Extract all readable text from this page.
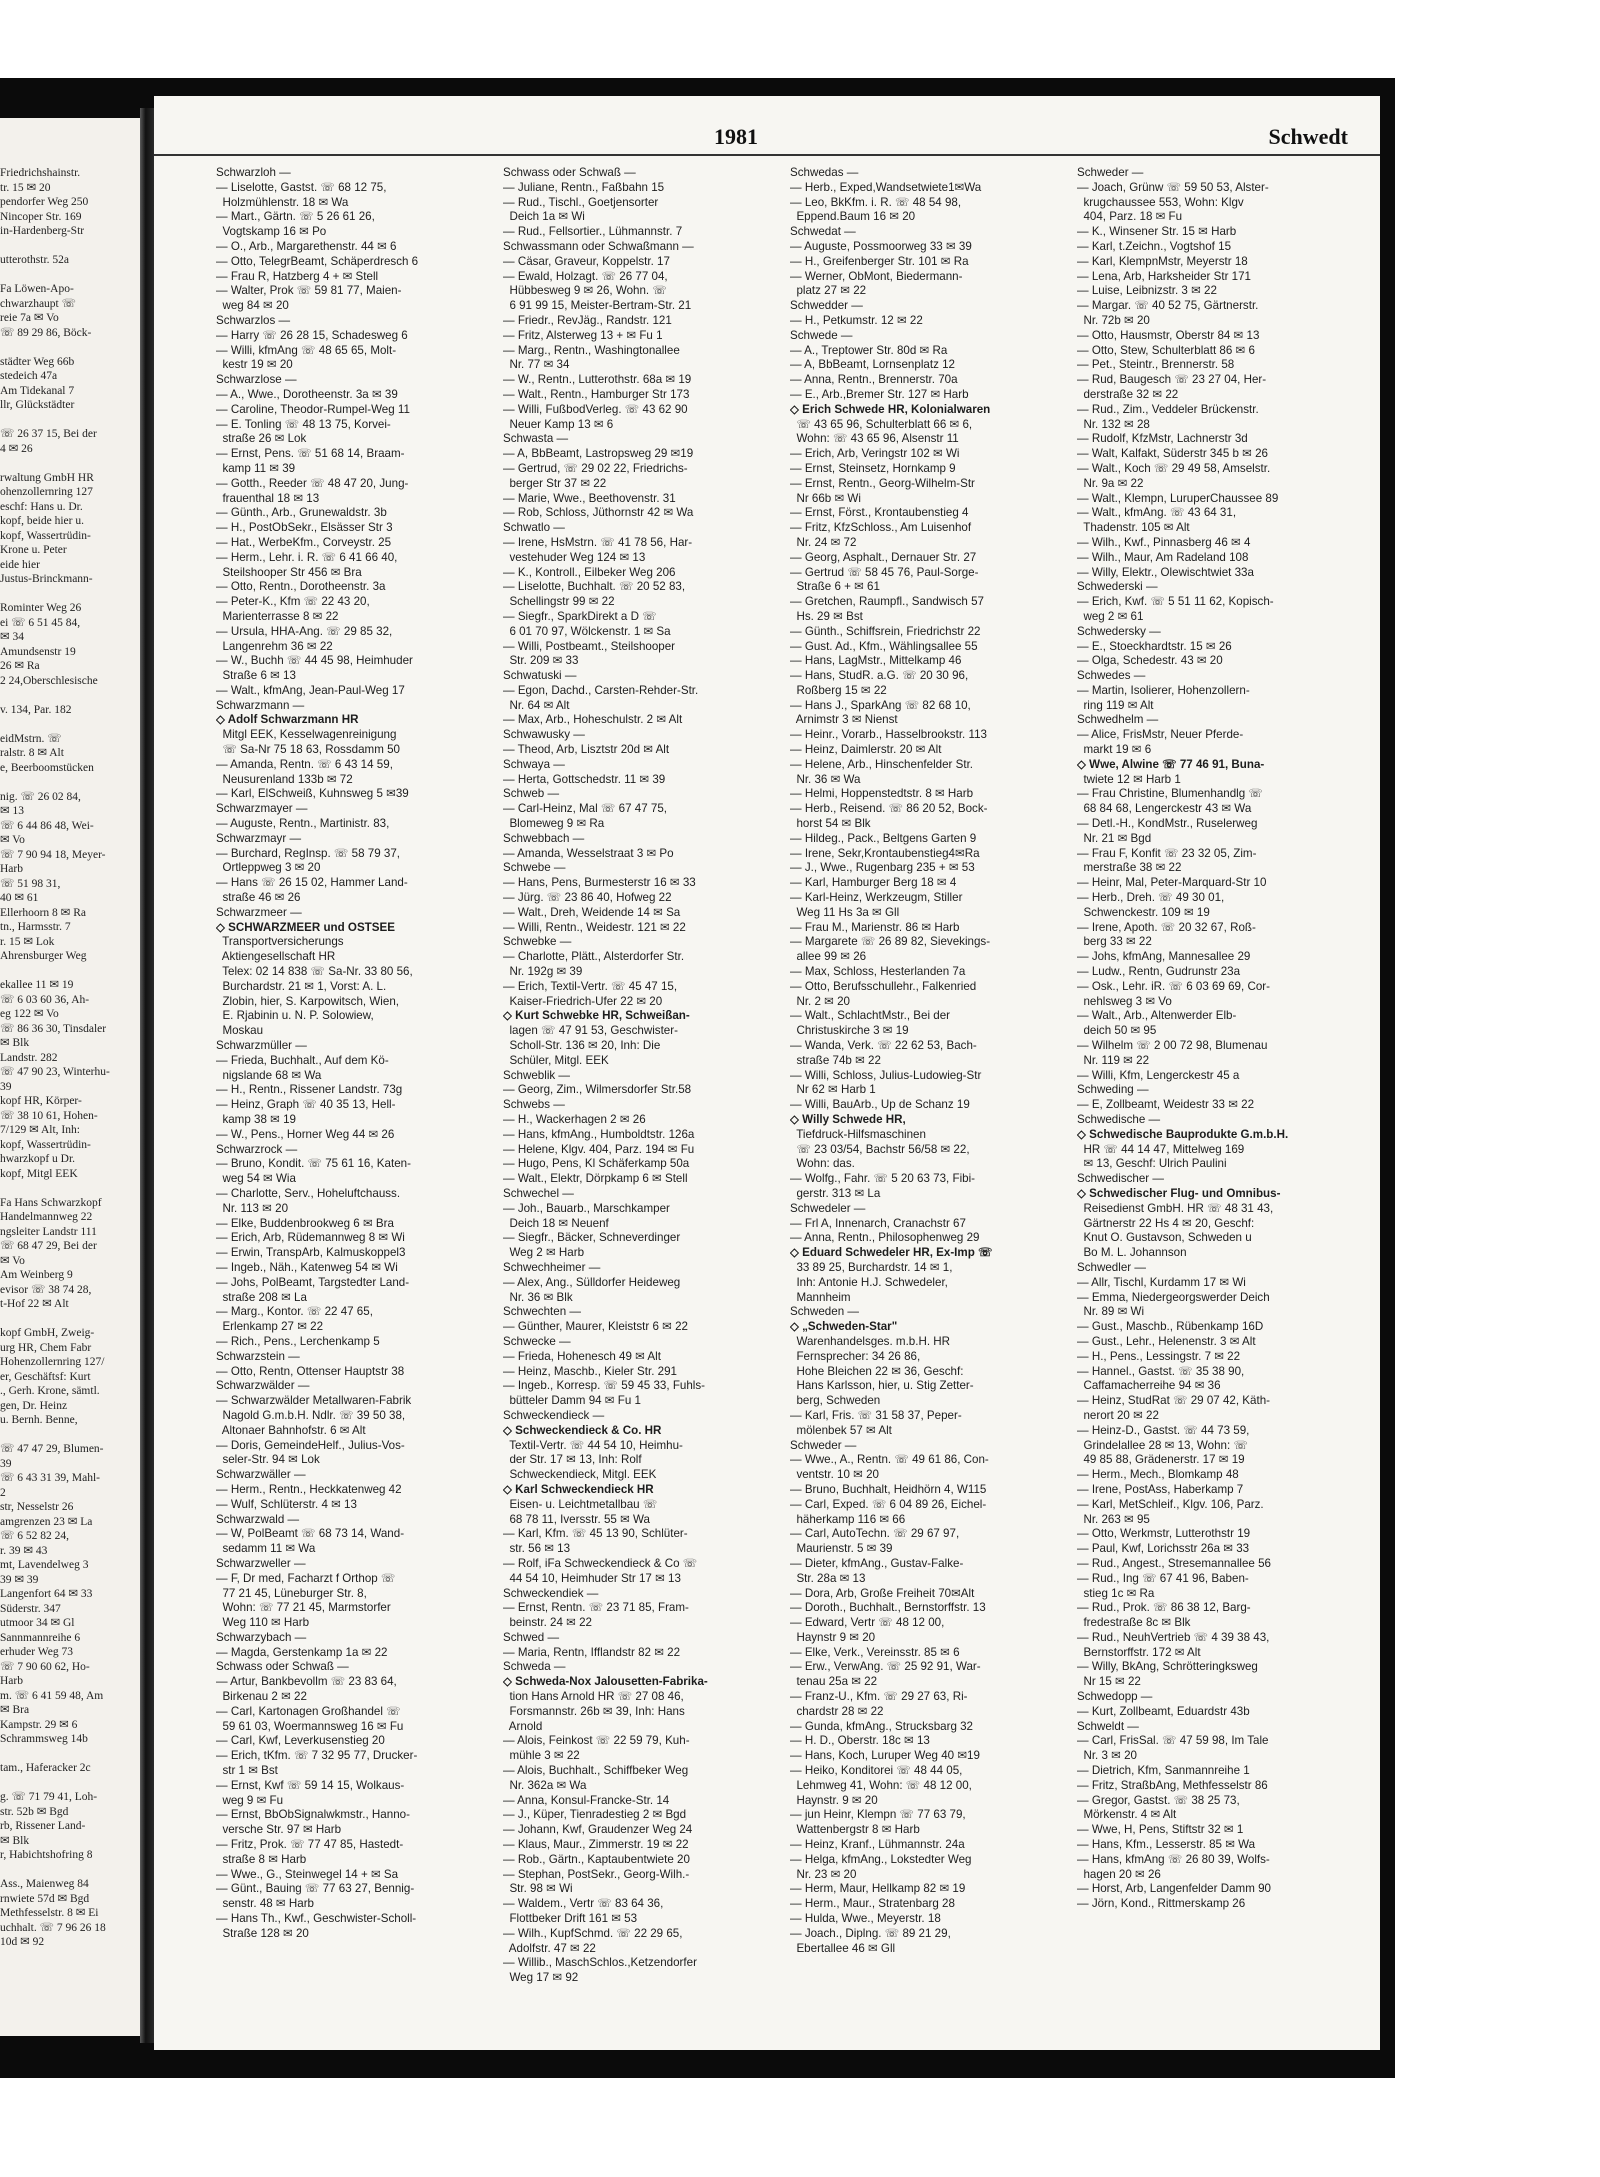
Friedrichshainstr.
tr. 15 ✉ 20
pendorfer Weg 250
Nincoper Str. 169
in-Hardenberg-Str

utterothstr. 52a

Fa Löwen-Apo-
chwarzhaupt ☏
reie 7a ✉ Vo
☏ 89 29 86, Böck-

städter Weg 66b
stedeich 47a
Am Tidekanal 7
llr, Glückstädter

☏ 26 37 15, Bei der
4 ✉ 26

rwaltung GmbH HR
ohenzollernring 127
eschf: Hans u. Dr.
kopf, beide hier u.
kopf, Wassertrüdin-
Krone u. Peter
eide hier
Justus-Brinckmann-

Rominter Weg 26
ei ☏ 6 51 45 84,
✉ 34
Amundsenstr 19
26 ✉ Ra
2 24,Oberschlesische

v. 134, Par. 182

eidMstrn. ☏
ralstr. 8 ✉ Alt
e, Beerboomstücken

nig. ☏ 26 02 84,
✉ 13
☏ 6 44 86 48, Wei-
✉ Vo
☏ 7 90 94 18, Meyer-
Harb
☏ 51 98 31,
40 ✉ 61
Ellerhoorn 8 ✉ Ra
tn., Harmsstr. 7
r. 15 ✉ Lok
Ahrensburger Weg

ekallee 11 ✉ 19
☏ 6 03 60 36, Ah-
eg 122 ✉ Vo
☏ 86 36 30, Tinsdaler
✉ Blk
Landstr. 282
☏ 47 90 23, Winterhu-
39
kopf HR, Körper-
☏ 38 10 61, Hohen-
7/129 ✉ Alt, Inh:
kopf, Wassertrüdin-
hwarzkopf u Dr.
kopf, Mitgl EEK

Fa Hans Schwarzkopf
Handelmannweg 22
ngsleiter Landstr 111
☏ 68 47 29, Bei der
✉ Vo
Am Weinberg 9
evisor ☏ 38 74 28,
t-Hof 22 ✉ Alt

kopf GmbH, Zweig-
urg HR, Chem Fabr
Hohenzollernring 127/
er, Geschäftsf: Kurt
., Gerh. Krone, sämtl.
gen, Dr. Heinz
u. Bernh. Benne,

☏ 47 47 29, Blumen-
39
☏ 6 43 31 39, Mahl-
2
str, Nesselstr 26
amgrenzen 23 ✉ La
☏ 6 52 82 24,
r. 39 ✉ 43
mt, Lavendelweg 3
39 ✉ 39
Langenfort 64 ✉ 33
Süderstr. 347
utmoor 34 ✉ Gl
Sannmannreihe 6
erhuder Weg 73
☏ 7 90 60 62, Ho-
Harb
m. ☏ 6 41 59 48, Am
✉ Bra
Kampstr. 29 ✉ 6
Schrammsweg 14b

tam., Haferacker 2c

g. ☏ 71 79 41, Loh-
str. 52b ✉ Bgd
rb, Rissener Land-
✉ Blk
r, Habichtshofring 8

Ass., Maienweg 84
rnwiete 57d ✉ Bgd
Methfesselstr. 8 ✉ Ei
uchhalt. ☏ 7 96 26 18
10d ✉ 92
1981	Schwedt
Schwarzloh —
— Liselotte, Gastst. ☏ 68 12 75,
Holzmühlenstr. 18 ✉ Wa
— Mart., Gärtn. ☏ 5 26 61 26,
Vogtskamp 16 ✉ Po
— O., Arb., Margarethenstr. 44 ✉ 6
— Otto, TelegrBeamt, Schäperdresch 6
— Frau R, Hatzberg 4 + ✉ Stell
— Walter, Prok ☏ 59 81 77, Maien-
weg 84 ✉ 20
Schwarzlos —
— Harry ☏ 26 28 15, Schadesweg 6
— Willi, kfmAng ☏ 48 65 65, Molt-
kestr 19 ✉ 20
Schwarzlose —
— A., Wwe., Dorotheenstr. 3a ✉ 39
— Caroline, Theodor-Rumpel-Weg 11
— E. Tonling ☏ 48 13 75, Korvei-
straße 26 ✉ Lok
— Ernst, Pens. ☏ 51 68 14, Braam-
kamp 11 ✉ 39
— Gotth., Reeder ☏ 48 47 20, Jung-
frauenthal 18 ✉ 13
— Günth., Arb., Grunewaldstr. 3b
— H., PostObSekr., Elsässer Str 3
— Hat., WerbeKfm., Corveystr. 25
— Herm., Lehr. i. R. ☏ 6 41 66 40,
Steilshooper Str 456 ✉ Bra
— Otto, Rentn., Dorotheenstr. 3a
— Peter-K., Kfm ☏ 22 43 20,
Marienterrasse 8 ✉ 22
— Ursula, HHA-Ang. ☏ 29 85 32,
Langenrehm 36 ✉ 22
— W., Buchh ☏ 44 45 98, Heimhuder
Straße 6 ✉ 13
— Walt., kfmAng, Jean-Paul-Weg 17
Schwarzmann —
◇ Adolf Schwarzmann HR
Mitgl EEK, Kesselwagenreinigung
☏ Sa-Nr 75 18 63, Rossdamm 50
— Amanda, Rentn. ☏ 6 43 14 59,
Neusurenland 133b ✉ 72
— Karl, ElSchweiß, Kuhnsweg 5 ✉39
Schwarzmayer —
— Auguste, Rentn., Martinistr. 83,
Schwarzmayr —
— Burchard, RegInsp. ☏ 58 79 37,
Ortleppweg 3 ✉ 20
— Hans ☏ 26 15 02, Hammer Land-
straße 46 ✉ 26
Schwarzmeer —
◇ SCHWARZMEER und OSTSEE
Transportversicherungs
Aktiengesellschaft HR
Telex: 02 14 838 ☏ Sa-Nr. 33 80 56,
Burchardstr. 21 ✉ 1, Vorst: A. L.
Zlobin, hier, S. Karpowitsch, Wien,
E. Rjabinin u. N. P. Solowiew,
Moskau
Schwarzmüller —
— Frieda, Buchhalt., Auf dem Kö-
nigslande 68 ✉ Wa
— H., Rentn., Rissener Landstr. 73g
— Heinz, Graph ☏ 40 35 13, Hell-
kamp 38 ✉ 19
— W., Pens., Horner Weg 44 ✉ 26
Schwarzrock —
— Bruno, Kondit. ☏ 75 61 16, Katen-
weg 54 ✉ Wia
— Charlotte, Serv., Hoheluftchauss.
Nr. 113 ✉ 20
— Elke, Buddenbrookweg 6 ✉ Bra
— Erich, Arb, Rüdemannweg 8 ✉ Wi
— Erwin, TranspArb, Kalmuskoppel3
— Ingeb., Näh., Katenweg 54 ✉ Wi
— Johs, PolBeamt, Targstedter Land-
straße 208 ✉ La
— Marg., Kontor. ☏ 22 47 65,
Erlenkamp 27 ✉ 22
— Rich., Pens., Lerchenkamp 5
Schwarzstein —
— Otto, Rentn, Ottenser Hauptstr 38
Schwarzwälder —
— Schwarzwälder Metallwaren-Fabrik
Nagold G.m.b.H. Ndlr. ☏ 39 50 38,
Altonaer Bahnhofstr. 6 ✉ Alt
— Doris, GemeindeHelf., Julius-Vos-
seler-Str. 94 ✉ Lok
Schwarzwäller —
— Herm., Rentn., Heckkatenweg 42
— Wulf, Schlüterstr. 4 ✉ 13
Schwarzwald —
— W, PolBeamt ☏ 68 73 14, Wand-
sedamm 11 ✉ Wa
Schwarzweller —
— F, Dr med, Facharzt f Orthop ☏
77 21 45, Lüneburger Str. 8,
Wohn: ☏ 77 21 45, Marmstorfer
Weg 110 ✉ Harb
Schwarzybach —
— Magda, Gerstenkamp 1a ✉ 22
Schwass oder Schwaß —
— Artur, Bankbevollm ☏ 23 83 64,
Birkenau 2 ✉ 22
— Carl, Kartonagen Großhandel ☏
59 61 03, Woermannsweg 16 ✉ Fu
— Carl, Kwf, Leverkusenstieg 20
— Erich, tKfm. ☏ 7 32 95 77, Drucker-
str 1 ✉ Bst
— Ernst, Kwf ☏ 59 14 15, Wolkaus-
weg 9 ✉ Fu
— Ernst, BbObSignalwkmstr., Hanno-
versche Str. 97 ✉ Harb
— Fritz, Prok. ☏ 77 47 85, Hastedt-
straße 8 ✉ Harb
— Wwe., G., Steinwegel 14 + ✉ Sa
— Günt., Bauing ☏ 77 63 27, Bennig-
senstr. 48 ✉ Harb
— Hans Th., Kwf., Geschwister-Scholl-
Straße 128 ✉ 20
Schwass oder Schwaß —
— Juliane, Rentn., Faßbahn 15
— Rud., Tischl., Goetjensorter
Deich 1a ✉ Wi
— Rud., Fellsortier., Lühmannstr. 7
Schwassmann oder Schwaßmann —
— Cäsar, Graveur, Koppelstr. 17
— Ewald, Holzagt. ☏ 26 77 04,
Hübbesweg 9 ✉ 26, Wohn. ☏
6 91 99 15, Meister-Bertram-Str. 21
— Friedr., RevJäg., Randstr. 121
— Fritz, Alsterweg 13 + ✉ Fu 1
— Marg., Rentn., Washingtonallee
Nr. 77 ✉ 34
— W., Rentn., Lutterothstr. 68a ✉ 19
— Walt., Rentn., Hamburger Str 173
— Willi, FußbodVerleg. ☏ 43 62 90
Neuer Kamp 13 ✉ 6
Schwasta —
— A, BbBeamt, Lastropsweg 29 ✉19
— Gertrud, ☏ 29 02 22, Friedrichs-
berger Str 37 ✉ 22
— Marie, Wwe., Beethovenstr. 31
— Rob, Schloss, Jüthornstr 42 ✉ Wa
Schwatlo —
— Irene, HsMstrn. ☏ 41 78 56, Har-
vestehuder Weg 124 ✉ 13
— K., Kontroll., Eilbeker Weg 206
— Liselotte, Buchhalt. ☏ 20 52 83,
Schellingstr 99 ✉ 22
— Siegfr., SparkDirekt a D ☏
6 01 70 97, Wölckenstr. 1 ✉ Sa
— Willi, Postbeamt., Steilshooper
Str. 209 ✉ 33
Schwatuski —
— Egon, Dachd., Carsten-Rehder-Str.
Nr. 64 ✉ Alt
— Max, Arb., Hoheschulstr. 2 ✉ Alt
Schwawusky —
— Theod, Arb, Lisztstr 20d ✉ Alt
Schwaya —
— Herta, Gottschedstr. 11 ✉ 39
Schweb —
— Carl-Heinz, Mal ☏ 67 47 75,
Blomeweg 9 ✉ Ra
Schwebbach —
— Amanda, Wesselstraat 3 ✉ Po
Schwebe —
— Hans, Pens, Burmesterstr 16 ✉ 33
— Jürg. ☏ 23 86 40, Hofweg 22
— Walt., Dreh, Weidende 14 ✉ Sa
— Willi, Rentn., Weidestr. 121 ✉ 22
Schwebke —
— Charlotte, Plätt., Alsterdorfer Str.
Nr. 192g ✉ 39
— Erich, Textil-Vertr. ☏ 45 47 15,
Kaiser-Friedrich-Ufer 22 ✉ 20
◇ Kurt Schwebke HR, Schweißan-
lagen ☏ 47 91 53, Geschwister-
Scholl-Str. 136 ✉ 20, Inh: Die
Schüler, Mitgl. EEK
Schweblik —
— Georg, Zim., Wilmersdorfer Str.58
Schwebs —
— H., Wackerhagen 2 ✉ 26
— Hans, kfmAng., Humboldtstr. 126a
— Helene, Klgv. 404, Parz. 194 ✉ Fu
— Hugo, Pens, Kl Schäferkamp 50a
— Walt., Elektr, Dörpkamp 6 ✉ Stell
Schwechel —
— Joh., Bauarb., Marschkamper
Deich 18 ✉ Neuenf
— Siegfr., Bäcker, Schneverdinger
Weg 2 ✉ Harb
Schwechheimer —
— Alex, Ang., Sülldorfer Heideweg
Nr. 36 ✉ Blk
Schwechten —
— Günther, Maurer, Kleiststr 6 ✉ 22
Schwecke —
— Frieda, Hohenesch 49 ✉ Alt
— Heinz, Maschb., Kieler Str. 291
— Ingeb., Korresp. ☏ 59 45 33, Fuhls-
bütteler Damm 94 ✉ Fu 1
Schweckendieck —
◇ Schweckendieck & Co. HR
Textil-Vertr. ☏ 44 54 10, Heimhu-
der Str. 17 ✉ 13, Inh: Rolf
Schweckendieck, Mitgl. EEK
◇ Karl Schweckendieck HR
Eisen- u. Leichtmetallbau ☏
68 78 11, Iversstr. 55 ✉ Wa
— Karl, Kfm. ☏ 45 13 90, Schlüter-
str. 56 ✉ 13
— Rolf, iFa Schweckendieck & Co ☏
44 54 10, Heimhuder Str 17 ✉ 13
Schweckendiek —
— Ernst, Rentn. ☏ 23 71 85, Fram-
beinstr. 24 ✉ 22
Schwed —
— Maria, Rentn, Ifflandstr 82 ✉ 22
Schweda —
◇ Schweda-Nox Jalousetten-Fabrika-
tion Hans Arnold HR ☏ 27 08 46,
Forsmannstr. 26b ✉ 39, Inh: Hans
Arnold
— Alois, Feinkost ☏ 22 59 79, Kuh-
mühle 3 ✉ 22
— Alois, Buchhalt., Schiffbeker Weg
Nr. 362a ✉ Wa
— Anna, Konsul-Francke-Str. 14
— J., Küper, Tienradestieg 2 ✉ Bgd
— Johann, Kwf, Graudenzer Weg 24
— Klaus, Maur., Zimmerstr. 19 ✉ 22
— Rob., Gärtn., Kaptaubentwiete 20
— Stephan, PostSekr., Georg-Wilh.-
Str. 98 ✉ Wi
— Waldem., Vertr ☏ 83 64 36,
Flottbeker Drift 161 ✉ 53
— Wilh., KupfSchmd. ☏ 22 29 65,
Adolfstr. 47 ✉ 22
— Willib., MaschSchlos.,Ketzendorfer
Weg 17 ✉ 92
Schwedas —
— Herb., Exped,Wandsetwiete1✉Wa
— Leo, BkKfm. i. R. ☏ 48 54 98,
Eppend.Baum 16 ✉ 20
Schwedat —
— Auguste, Possmoorweg 33 ✉ 39
— H., Greifenberger Str. 101 ✉ Ra
— Werner, ObMont, Biedermann-
platz 27 ✉ 22
Schwedder —
— H., Petkumstr. 12 ✉ 22
Schwede —
— A., Treptower Str. 80d ✉ Ra
— A, BbBeamt, Lornsenplatz 12
— Anna, Rentn., Brennerstr. 70a
— E., Arb.,Bremer Str. 127 ✉ Harb
◇ Erich Schwede HR, Kolonialwaren
☏ 43 65 96, Schulterblatt 66 ✉ 6,
Wohn: ☏ 43 65 96, Alsenstr 11
— Erich, Arb, Veringstr 102 ✉ Wi
— Ernst, Steinsetz, Hornkamp 9
— Ernst, Rentn., Georg-Wilhelm-Str
Nr 66b ✉ Wi
— Ernst, Först., Krontaubenstieg 4
— Fritz, KfzSchloss., Am Luisenhof
Nr. 24 ✉ 72
— Georg, Asphalt., Dernauer Str. 27
— Gertrud ☏ 58 45 76, Paul-Sorge-
Straße 6 + ✉ 61
— Gretchen, Raumpfl., Sandwisch 57
Hs. 29 ✉ Bst
— Günth., Schiffsrein, Friedrichstr 22
— Gust. Ad., Kfm., Wählingsallee 55
— Hans, LagMstr., Mittelkamp 46
— Hans, StudR. a.G. ☏ 20 30 96,
Roßberg 15 ✉ 22
— Hans J., SparkAng ☏ 82 68 10,
Arnimstr 3 ✉ Nienst
— Heinr., Vorarb., Hasselbrookstr. 113
— Heinz, Daimlerstr. 20 ✉ Alt
— Helene, Arb., Hinschenfelder Str.
Nr. 36 ✉ Wa
— Helmi, Hoppenstedtstr. 8 ✉ Harb
— Herb., Reisend. ☏ 86 20 52, Bock-
horst 54 ✉ Blk
— Hildeg., Pack., Beltgens Garten 9
— Irene, Sekr,Krontaubenstieg4✉Ra
— J., Wwe., Rugenbarg 235 + ✉ 53
— Karl, Hamburger Berg 18 ✉ 4
— Karl-Heinz, Werkzeugm, Stiller
Weg 11 Hs 3a ✉ Gll
— Frau M., Marienstr. 86 ✉ Harb
— Margarete ☏ 26 89 82, Sievekings-
allee 99 ✉ 26
— Max, Schloss, Hesterlanden 7a
— Otto, Berufsschullehr., Falkenried
Nr. 2 ✉ 20
— Walt., SchlachtMstr., Bei der
Christuskirche 3 ✉ 19
— Wanda, Verk. ☏ 22 62 53, Bach-
straße 74b ✉ 22
— Willi, Schloss, Julius-Ludowieg-Str
Nr 62 ✉ Harb 1
— Willi, BauArb., Up de Schanz 19
◇ Willy Schwede HR,
Tiefdruck-Hilfsmaschinen
☏ 23 03/54, Bachstr 56/58 ✉ 22,
Wohn: das.
— Wolfg., Fahr. ☏ 5 20 63 73, Fibi-
gerstr. 313 ✉ La
Schwedeler —
— Frl A, Innenarch, Cranachstr 67
— Anna, Rentn., Philosophenweg 29
◇ Eduard Schwedeler HR, Ex-Imp ☏
33 89 25, Burchardstr. 14 ✉ 1,
Inh: Antonie H.J. Schwedeler,
Mannheim
Schweden —
◇ „Schweden-Star"
Warenhandelsges. m.b.H. HR
Fernsprecher: 34 26 86,
Hohe Bleichen 22 ✉ 36, Geschf:
Hans Karlsson, hier, u. Stig Zetter-
berg, Schweden
— Karl, Fris. ☏ 31 58 37, Peper-
mölenbek 57 ✉ Alt
Schweder —
— Wwe., A., Rentn. ☏ 49 61 86, Con-
ventstr. 10 ✉ 20
— Bruno, Buchhalt, Heidhörn 4, W115
— Carl, Exped. ☏ 6 04 89 26, Eichel-
häherkamp 116 ✉ 66
— Carl, AutoTechn. ☏ 29 67 97,
Maurienstr. 5 ✉ 39
— Dieter, kfmAng., Gustav-Falke-
Str. 28a ✉ 13
— Dora, Arb, Große Freiheit 70✉Alt
— Doroth., Buchhalt., Bernstorffstr. 13
— Edward, Vertr ☏ 48 12 00,
Haynstr 9 ✉ 20
— Elke, Verk., Vereinsstr. 85 ✉ 6
— Erw., VerwAng. ☏ 25 92 91, War-
tenau 25a ✉ 22
— Franz-U., Kfm. ☏ 29 27 63, Ri-
chardstr 28 ✉ 22
— Gunda, kfmAng., Strucksbarg 32
— H. D., Oberstr. 18c ✉ 13
— Hans, Koch, Luruper Weg 40 ✉19
— Heiko, Konditorei ☏ 48 44 05,
Lehmweg 41, Wohn: ☏ 48 12 00,
Haynstr. 9 ✉ 20
— jun Heinr, Klempn ☏ 77 63 79,
Wattenbergstr 8 ✉ Harb
— Heinz, Kranf., Lühmannstr. 24a
— Helga, kfmAng., Lokstedter Weg
Nr. 23 ✉ 20
— Herm, Maur, Hellkamp 82 ✉ 19
— Herm., Maur., Stratenbarg 28
— Hulda, Wwe., Meyerstr. 18
— Joach., Diplng. ☏ 89 21 29,
Ebertallee 46 ✉ Gll
Schweder —
— Joach, Grünw ☏ 59 50 53, Alster-
krugchaussee 553, Wohn: Klgv
404, Parz. 18 ✉ Fu
— K., Winsener Str. 15 ✉ Harb
— Karl, t.Zeichn., Vogtshof 15
— Karl, KlempnMstr, Meyerstr 18
— Lena, Arb, Harksheider Str 171
— Luise, Leibnizstr. 3 ✉ 22
— Margar. ☏ 40 52 75, Gärtnerstr.
Nr. 72b ✉ 20
— Otto, Hausmstr, Oberstr 84 ✉ 13
— Otto, Stew, Schulterblatt 86 ✉ 6
— Pet., Steintr., Brennerstr. 58
— Rud, Baugesch ☏ 23 27 04, Her-
derstraße 32 ✉ 22
— Rud., Zim., Veddeler Brückenstr.
Nr. 132 ✉ 28
— Rudolf, KfzMstr, Lachnerstr 3d
— Walt, Kalfakt, Süderstr 345 b ✉ 26
— Walt., Koch ☏ 29 49 58, Amselstr.
Nr. 9a ✉ 22
— Walt., Klempn, LuruperChaussee 89
— Walt., kfmAng. ☏ 43 64 31,
Thadenstr. 105 ✉ Alt
— Wilh., Kwf., Pinnasberg 46 ✉ 4
— Wilh., Maur, Am Radeland 108
— Willy, Elektr., Olewischtwiet 33a
Schwederski —
— Erich, Kwf. ☏ 5 51 11 62, Kopisch-
weg 2 ✉ 61
Schwedersky —
— E., Stoeckhardtstr. 15 ✉ 26
— Olga, Schedestr. 43 ✉ 20
Schwedes —
— Martin, Isolierer, Hohenzollern-
ring 119 ✉ Alt
Schwedhelm —
— Alice, FrisMstr, Neuer Pferde-
markt 19 ✉ 6
◇ Wwe, Alwine ☏ 77 46 91, Buna-
twiete 12 ✉ Harb 1
— Frau Christine, Blumenhandlg ☏
68 84 68, Lengerckestr 43 ✉ Wa
— Detl.-H., KondMstr., Ruselerweg
Nr. 21 ✉ Bgd
— Frau F, Konfit ☏ 23 32 05, Zim-
merstraße 38 ✉ 22
— Heinr, Mal, Peter-Marquard-Str 10
— Herb., Dreh. ☏ 49 30 01,
Schwenckestr. 109 ✉ 19
— Irene, Apoth. ☏ 20 32 67, Roß-
berg 33 ✉ 22
— Johs, kfmAng, Mannesallee 29
— Ludw., Rentn, Gudrunstr 23a
— Osk., Lehr. iR. ☏ 6 03 69 69, Cor-
nehlsweg 3 ✉ Vo
— Walt., Arb., Altenwerder Elb-
deich 50 ✉ 95
— Wilhelm ☏ 2 00 72 98, Blumenau
Nr. 119 ✉ 22
— Willi, Kfm, Lengerckestr 45 a
Schweding —
— E, Zollbeamt, Weidestr 33 ✉ 22
Schwedische —
◇ Schwedische Bauprodukte G.m.b.H.
HR ☏ 44 14 47, Mittelweg 169
✉ 13, Geschf: Ulrich Paulini
Schwedischer —
◇ Schwedischer Flug- und Omnibus-
Reisedienst GmbH. HR ☏ 48 31 43,
Gärtnerstr 22 Hs 4 ✉ 20, Geschf:
Knut O. Gustavson, Schweden u
Bo M. L. Johannson
Schwedler —
— Allr, Tischl, Kurdamm 17 ✉ Wi
— Emma, Niedergeorgswerder Deich
Nr. 89 ✉ Wi
— Gust., Maschb., Rübenkamp 16D
— Gust., Lehr., Helenenstr. 3 ✉ Alt
— H., Pens., Lessingstr. 7 ✉ 22
— Hannel., Gastst. ☏ 35 38 90,
Caffamacherreihe 94 ✉ 36
— Heinz, StudRat ☏ 29 07 42, Käth-
nerort 20 ✉ 22
— Heinz-D., Gastst. ☏ 44 73 59,
Grindelallee 28 ✉ 13, Wohn: ☏
49 85 88, Grädenerstr. 17 ✉ 19
— Herm., Mech., Blomkamp 48
— Irene, PostAss, Haberkamp 7
— Karl, MetSchleif., Klgv. 106, Parz.
Nr. 263 ✉ 95
— Otto, Werkmstr, Lutterothstr 19
— Paul, Kwf, Lorichsstr 26a ✉ 33
— Rud., Angest., Stresemannallee 56
— Rud., Ing ☏ 67 41 96, Baben-
stieg 1c ✉ Ra
— Rud., Prok. ☏ 86 38 12, Barg-
fredestraße 8c ✉ Blk
— Rud., NeuhVertrieb ☏ 4 39 38 43,
Bernstorffstr. 172 ✉ Alt
— Willy, BkAng, Schrötteringksweg
Nr 15 ✉ 22
Schwedopp —
— Kurt, Zollbeamt, Eduardstr 43b
Schweldt —
— Carl, FrisSal. ☏ 47 59 98, Im Tale
Nr. 3 ✉ 20
— Dietrich, Kfm, Sanmannreihe 1
— Fritz, StraßbAng, Methfesselstr 86
— Gregor, Gastst. ☏ 38 25 73,
Mörkenstr. 4 ✉ Alt
— Wwe, H, Pens, Stiftstr 32 ✉ 1
— Hans, Kfm., Lesserstr. 85 ✉ Wa
— Hans, kfmAng ☏ 26 80 39, Wolfs-
hagen 20 ✉ 26
— Horst, Arb, Langenfelder Damm 90
— Jörn, Kond., Rittmerskamp 26
